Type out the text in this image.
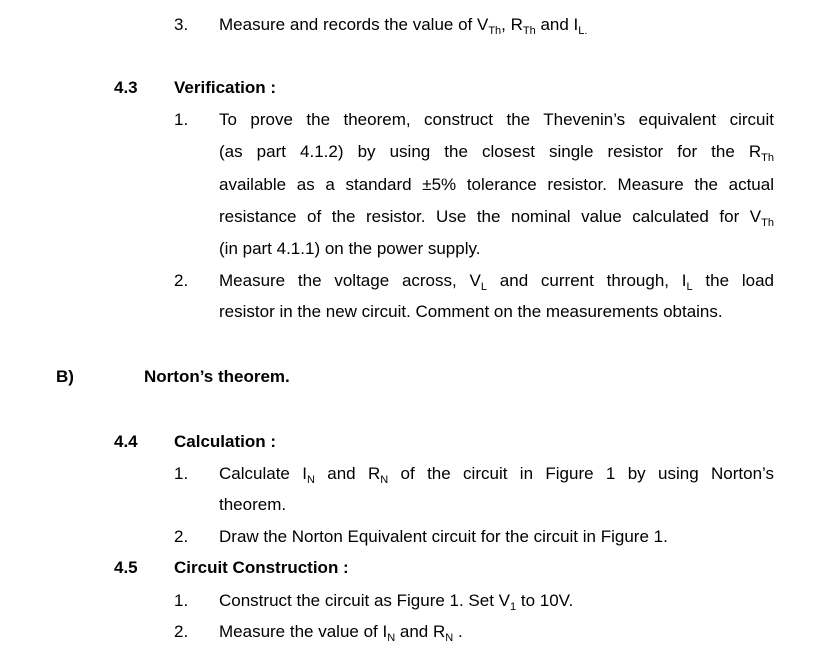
3. Measure and records the value of $V_{Th}$, $R_{Th}$ and $I_{L.}$
4.3 Verification :
1. To prove the theorem, construct the Thevenin’s equivalent circuit
(as part 4.1.2) by using the closest single resistor for the $R_{Th}$
available as a standard ±5% tolerance resistor. Measure the actual
resistance of the resistor. Use the nominal value calculated for $V_{Th}$
(in part 4.1.1) on the power supply.
2. Measure the voltage across, $V_L$ and current through, $I_L$ the load
resistor in the new circuit. Comment on the measurements obtains.
B)	Norton’s theorem.
4.4 Calculation :
1. Calculate $I_N$ and $R_N$ of the circuit in Figure 1 by using Norton’s
theorem.
2. Draw the Norton Equivalent circuit for the circuit in Figure 1.
4.5 Circuit Construction :
1. Construct the circuit as Figure 1. Set $V_1$ to 10V.
2. Measure the value of $I_N$ and $R_N$ .
